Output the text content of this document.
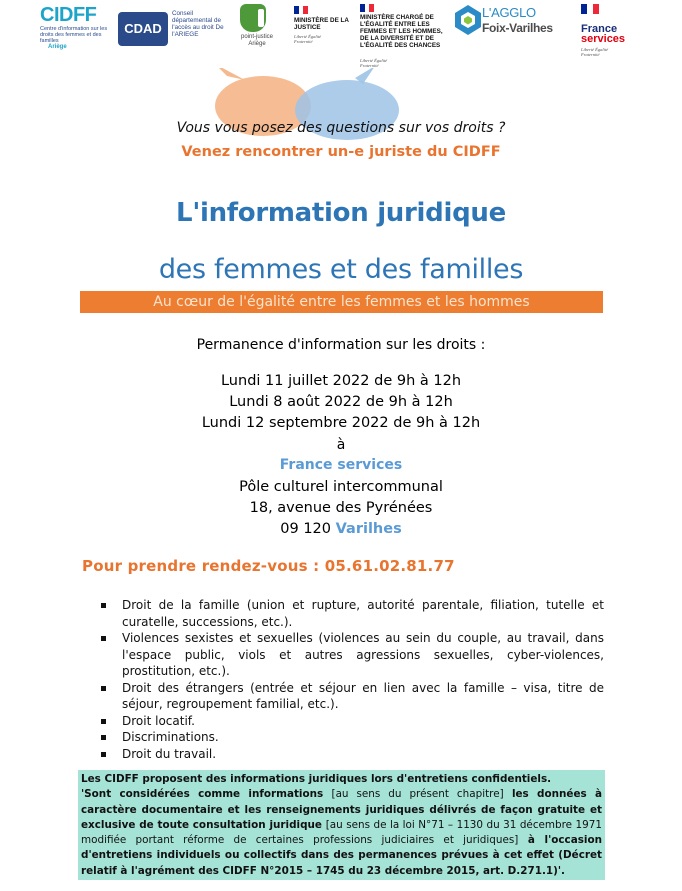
CIDFF
Centre d'information sur les droits des femmes et des familles
Ariège
CDAD
Conseil départemental de l'accès au droit De l'ARIEGE	point-justice
Ariège
MINISTÈRE DE LA JUSTICE
Liberté Égalité Fraternité
MINISTÈRE CHARGÉ DE L'ÉGALITÉ ENTRE LES FEMMES ET LES HOMMES, DE LA DIVERSITÉ ET DE L'ÉGALITÉ DES CHANCES
Liberté Égalité Fraternité
L'AGGLO
Foix-Varilhes	France
services
Liberté Égalité Fraternité
Vous vous posez des questions sur vos droits ?
Venez rencontrer un-e juriste du CIDFF
L'information juridique
des femmes et des familles
Au cœur de l'égalité entre les femmes et les hommes
Permanence d'information sur les droits :
Lundi 11 juillet 2022 de 9h à 12h
Lundi 8 août 2022 de 9h à 12h
Lundi 12 septembre 2022 de 9h à 12h
à
France services
Pôle culturel intercommunal
18, avenue des Pyrénées
09 120 Varilhes
Pour prendre rendez-vous : 05.61.02.81.77
Droit de la famille (union et rupture, autorité parentale, filiation, tutelle et curatelle, successions, etc.).
Violences sexistes et sexuelles (violences au sein du couple, au travail, dans l'espace public, viols et autres agressions sexuelles, cyber-violences, prostitution, etc.).
Droit des étrangers (entrée et séjour en lien avec la famille – visa, titre de séjour, regroupement familial, etc.).
Droit locatif.
Discriminations.
Droit du travail.
Les CIDFF proposent des informations juridiques lors d'entretiens confidentiels.
'Sont considérées comme informations [au sens du présent chapitre] les données à caractère documentaire et les renseignements juridiques délivrés de façon gratuite et exclusive de toute consultation juridique [au sens de la loi N°71 – 1130 du 31 décembre 1971 modifiée portant réforme de certaines professions judiciaires et juridiques] à l'occasion d'entretiens individuels ou collectifs dans des permanences prévues à cet effet (Décret relatif à l'agrément des CIDFF N°2015 – 1745 du 23 décembre 2015, art. D.271.1)'.
